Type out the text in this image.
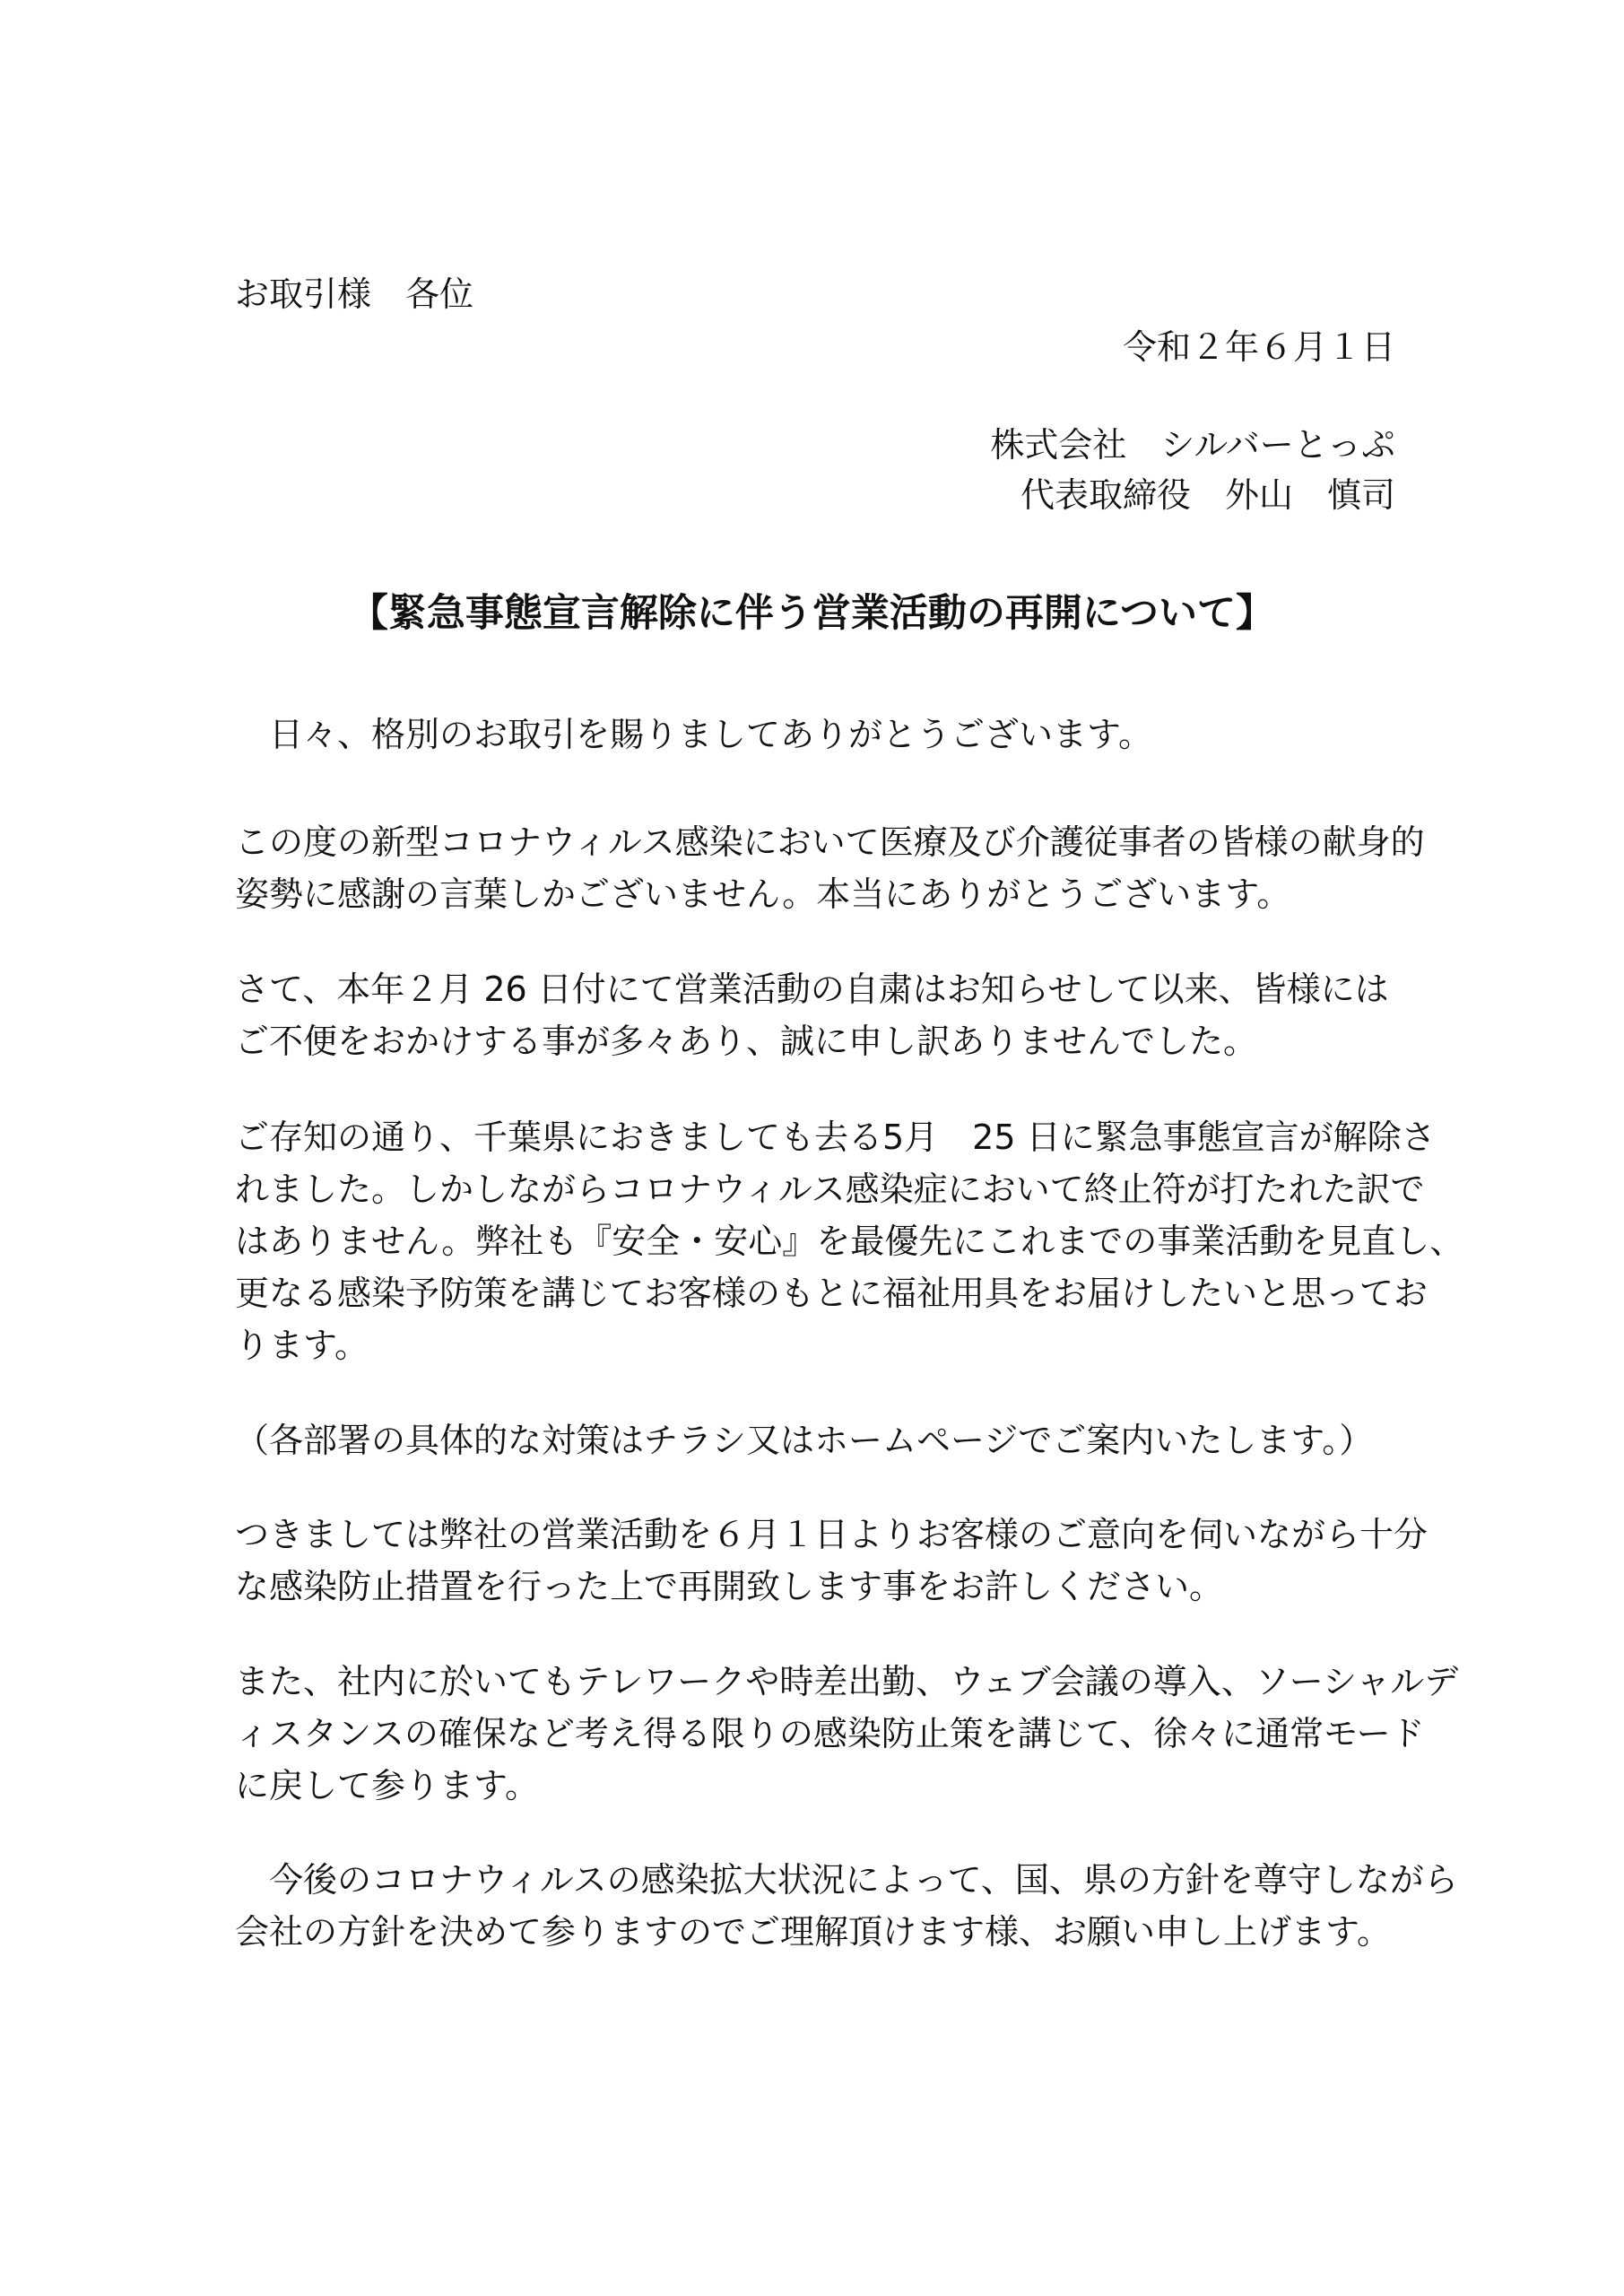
お取引様　各位
令和２年６月１日
株式会社　シルバーとっぷ
代表取締役　外山　慎司
【緊急事態宣言解除に伴う営業活動の再開について】
　日々、格別のお取引を賜りましてありがとうございます。
この度の新型コロナウィルス感染において医療及び介護従事者の皆様の献身的
姿勢に感謝の言葉しかございません。本当にありがとうございます。
さて、本年２月 26 日付にて営業活動の自粛はお知らせして以来、皆様には
ご不便をおかけする事が多々あり、誠に申し訳ありませんでした。
ご存知の通り、千葉県におきましても去る5月　25 日に緊急事態宣言が解除さ
れました。しかしながらコロナウィルス感染症において終止符が打たれた訳で
はありません。弊社も『安全・安心』を最優先にこれまでの事業活動を見直し、
更なる感染予防策を講じてお客様のもとに福祉用具をお届けしたいと思ってお
ります。
（各部署の具体的な対策はチラシ又はホームページでご案内いたします。）
つきましては弊社の営業活動を６月１日よりお客様のご意向を伺いながら十分
な感染防止措置を行った上で再開致します事をお許しください。
また、社内に於いてもテレワークや時差出勤、ウェブ会議の導入、ソーシャルデ
ィスタンスの確保など考え得る限りの感染防止策を講じて、徐々に通常モード
に戻して参ります。
　今後のコロナウィルスの感染拡大状況によって、国、県の方針を尊守しながら
会社の方針を決めて参りますのでご理解頂けます様、お願い申し上げます。
